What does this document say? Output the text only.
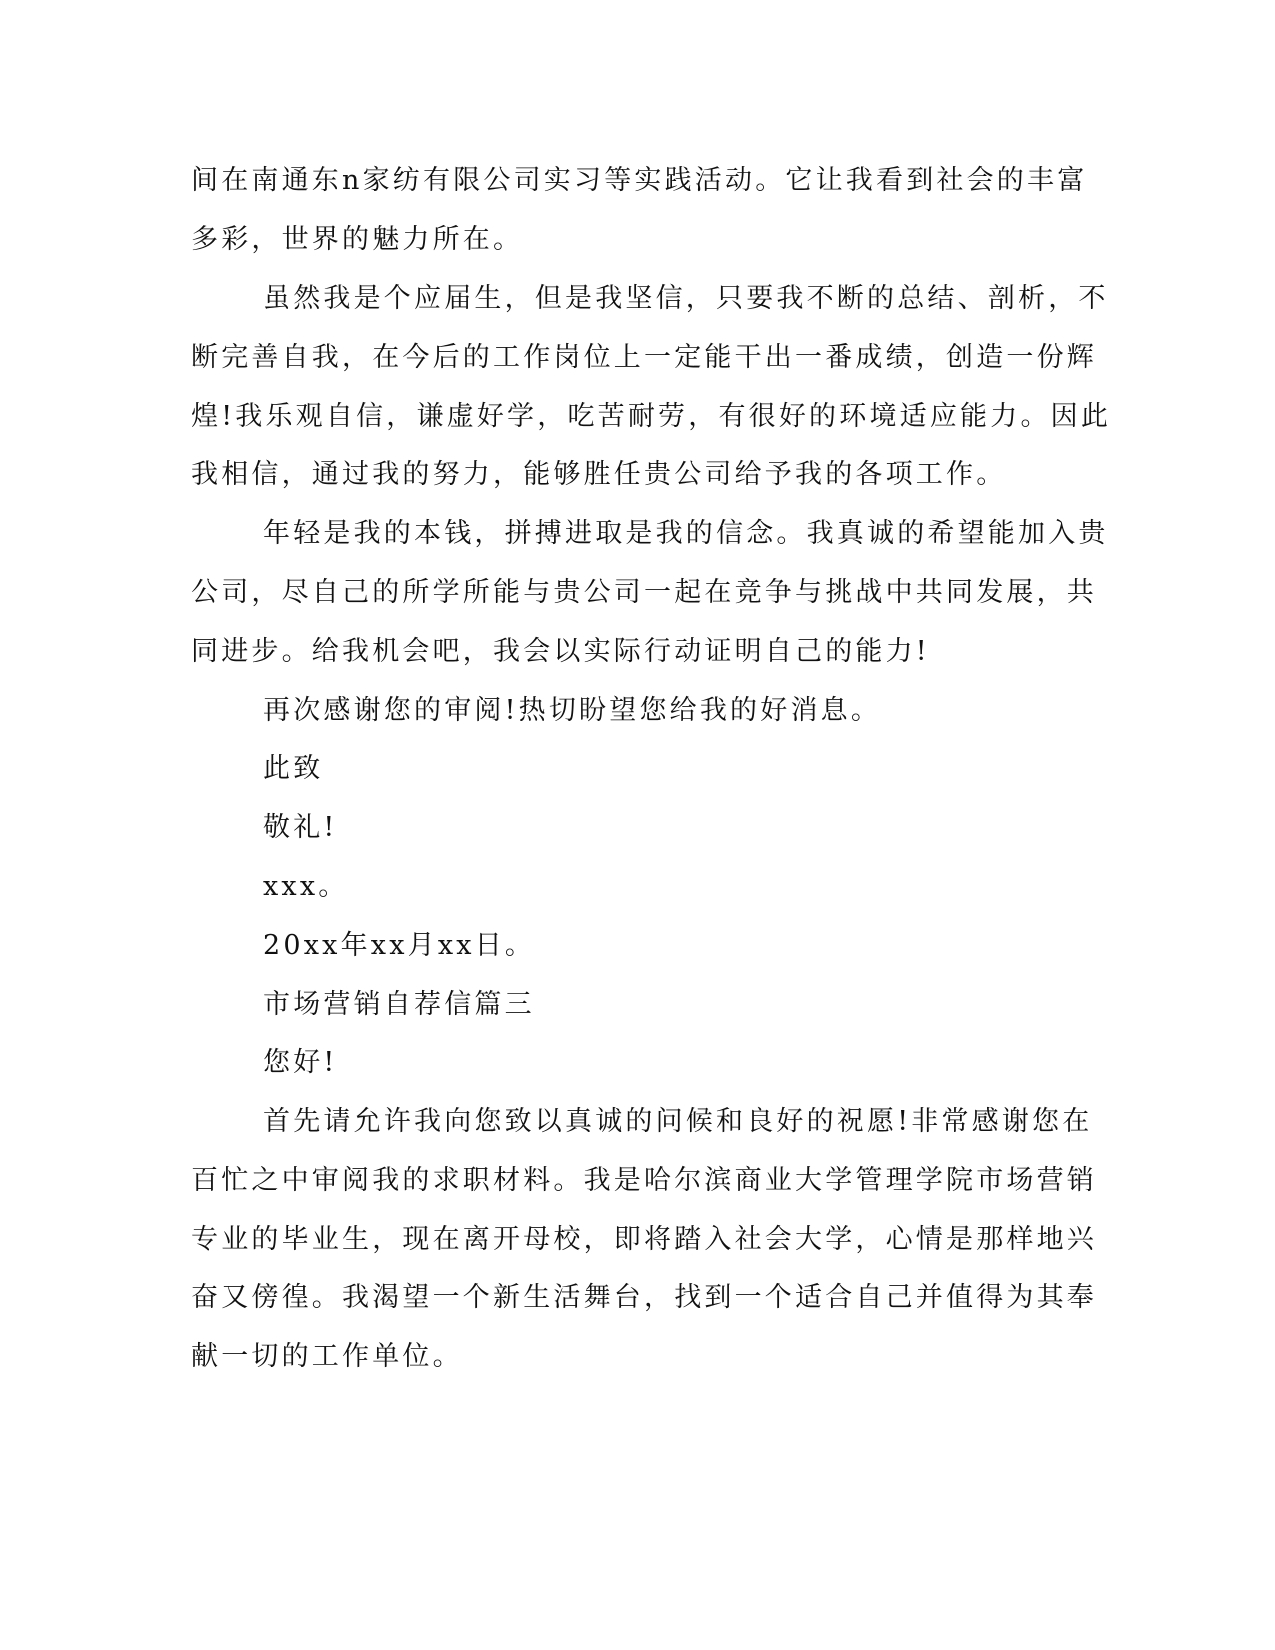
间在南通东n家纺有限公司实习等实践活动。它让我看到社会的丰富
多彩，世界的魅力所在。
虽然我是个应届生，但是我坚信，只要我不断的总结、剖析，不
断完善自我，在今后的工作岗位上一定能干出一番成绩，创造一份辉
煌!我乐观自信，谦虚好学，吃苦耐劳，有很好的环境适应能力。因此
我相信，通过我的努力，能够胜任贵公司给予我的各项工作。
年轻是我的本钱，拼搏进取是我的信念。我真诚的希望能加入贵
公司，尽自己的所学所能与贵公司一起在竞争与挑战中共同发展，共
同进步。给我机会吧，我会以实际行动证明自己的能力!
再次感谢您的审阅!热切盼望您给我的好消息。
此致
敬礼!
xxx。
20xx年xx月xx日。
市场营销自荐信篇三
您好!
首先请允许我向您致以真诚的问候和良好的祝愿!非常感谢您在
百忙之中审阅我的求职材料。我是哈尔滨商业大学管理学院市场营销
专业的毕业生，现在离开母校，即将踏入社会大学，心情是那样地兴
奋又傍徨。我渴望一个新生活舞台，找到一个适合自己并值得为其奉
献一切的工作单位。
